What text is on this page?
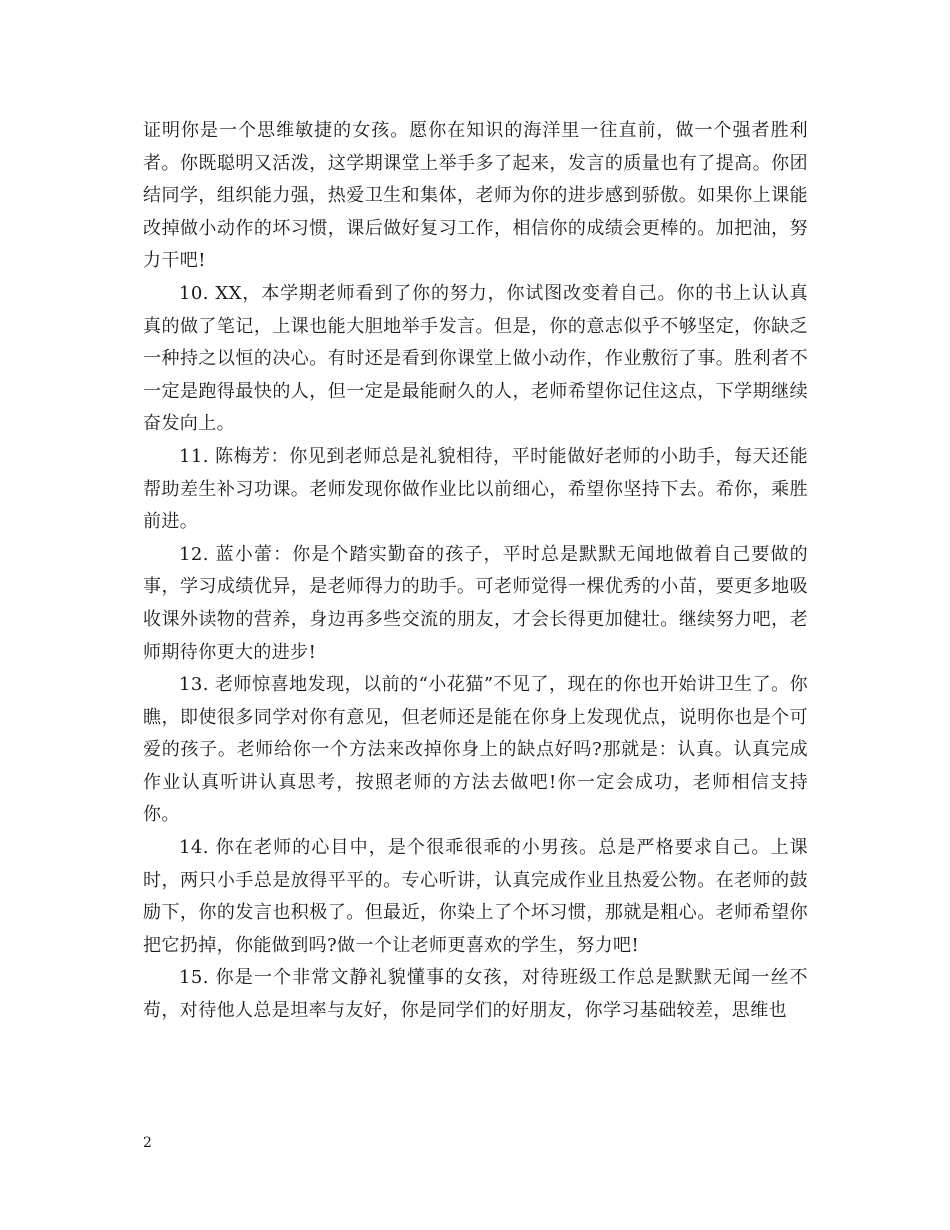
证明你是一个思维敏捷的女孩。愿你在知识的海洋里一往直前，做一个强者胜利者。你既聪明又活泼，这学期课堂上举手多了起来，发言的质量也有了提高。你团结同学，组织能力强，热爱卫生和集体，老师为你的进步感到骄傲。如果你上课能改掉做小动作的坏习惯，课后做好复习工作，相信你的成绩会更棒的。加把油，努力干吧!

10. XX，本学期老师看到了你的努力，你试图改变着自己。你的书上认认真真的做了笔记，上课也能大胆地举手发言。但是，你的意志似乎不够坚定，你缺乏一种持之以恒的决心。有时还是看到你课堂上做小动作，作业敷衍了事。胜利者不一定是跑得最快的人，但一定是最能耐久的人，老师希望你记住这点，下学期继续奋发向上。

11. 陈梅芳：你见到老师总是礼貌相待，平时能做好老师的小助手，每天还能帮助差生补习功课。老师发现你做作业比以前细心，希望你坚持下去。希你，乘胜前进。

12. 蓝小蕾：你是个踏实勤奋的孩子，平时总是默默无闻地做着自己要做的事，学习成绩优异，是老师得力的助手。可老师觉得一棵优秀的小苗，要更多地吸收课外读物的营养，身边再多些交流的朋友，才会长得更加健壮。继续努力吧，老师期待你更大的进步!

13. 老师惊喜地发现，以前的“小花猫”不见了，现在的你也开始讲卫生了。你瞧，即使很多同学对你有意见，但老师还是能在你身上发现优点，说明你也是个可爱的孩子。老师给你一个方法来改掉你身上的缺点好吗?那就是：认真。认真完成作业认真听讲认真思考，按照老师的方法去做吧!你一定会成功，老师相信支持你。

14. 你在老师的心目中，是个很乖很乖的小男孩。总是严格要求自己。上课时，两只小手总是放得平平的。专心听讲，认真完成作业且热爱公物。在老师的鼓励下，你的发言也积极了。但最近，你染上了个坏习惯，那就是粗心。老师希望你把它扔掉，你能做到吗?做一个让老师更喜欢的学生，努力吧!

15. 你是一个非常文静礼貌懂事的女孩，对待班级工作总是默默无闻一丝不苟，对待他人总是坦率与友好，你是同学们的好朋友，你学习基础较差，思维也

2
